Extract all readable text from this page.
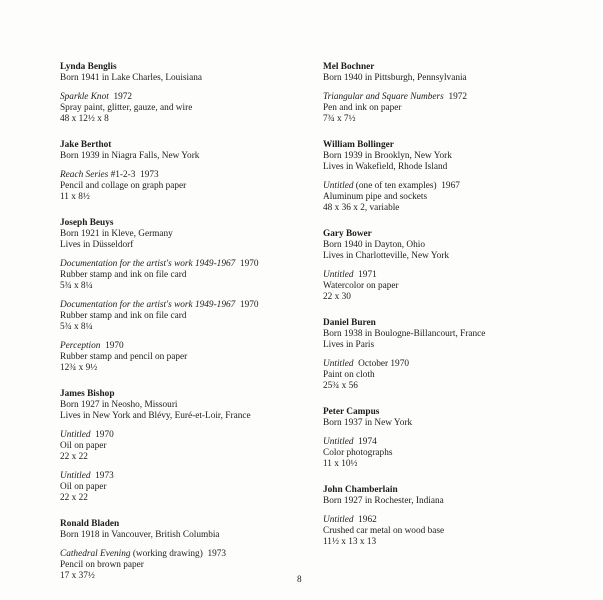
Lynda Benglis
Born 1941 in Lake Charles, Louisiana
Sparkle Knot 1972
Spray paint, glitter, gauze, and wire
48 x 12½ x 8
Jake Berthot
Born 1939 in Niagra Falls, New York
Reach Series #1-2-3 1973
Pencil and collage on graph paper
11 x 8½
Joseph Beuys
Born 1921 in Kleve, Germany
Lives in Düsseldorf
Documentation for the artist's work 1949-1967 1970
Rubber stamp and ink on file card
5¾ x 8¼
Documentation for the artist's work 1949-1967 1970
Rubber stamp and ink on file card
5¾ x 8¼
Perception 1970
Rubber stamp and pencil on paper
12¾ x 9½
James Bishop
Born 1927 in Neosho, Missouri
Lives in New York and Blévy, Euré-et-Loir, France
Untitled 1970
Oil on paper
22 x 22
Untitled 1973
Oil on paper
22 x 22
Ronald Bladen
Born 1918 in Vancouver, British Columbia
Cathedral Evening (working drawing) 1973
Pencil on brown paper
17 x 37½
Mel Bochner
Born 1940 in Pittsburgh, Pennsylvania
Triangular and Square Numbers 1972
Pen and ink on paper
7¾ x 7½
William Bollinger
Born 1939 in Brooklyn, New York
Lives in Wakefield, Rhode Island
Untitled (one of ten examples) 1967
Aluminum pipe and sockets
48 x 36 x 2, variable
Gary Bower
Born 1940 in Dayton, Ohio
Lives in Charlotteville, New York
Untitled 1971
Watercolor on paper
22 x 30
Daniel Buren
Born 1938 in Boulogne-Billancourt, France
Lives in Paris
Untitled October 1970
Paint on cloth
25¾ x 56
Peter Campus
Born 1937 in New York
Untitled 1974
Color photographs
11 x 10½
John Chamberlain
Born 1927 in Rochester, Indiana
Untitled 1962
Crushed car metal on wood base
11½ x 13 x 13
8
